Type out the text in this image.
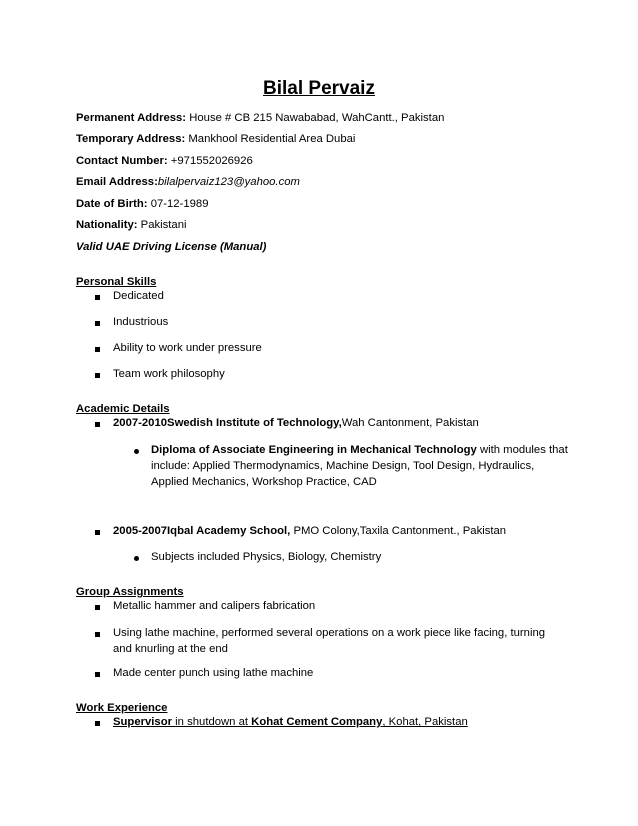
Bilal Pervaiz
Permanent Address: House # CB 215 Nawababad, WahCantt., Pakistan
Temporary Address: Mankhool Residential Area Dubai
Contact Number: +971552026926
Email Address:bilalpervaiz123@yahoo.com
Date of Birth: 07-12-1989
Nationality: Pakistani
Valid UAE Driving License (Manual)
Personal Skills
Dedicated
Industrious
Ability to work under pressure
Team work philosophy
Academic Details
2007-2010Swedish Institute of Technology,Wah Cantonment, Pakistan
Diploma of Associate Engineering in Mechanical Technology with modules that
include: Applied Thermodynamics, Machine Design, Tool Design, Hydraulics,
Applied Mechanics, Workshop Practice, CAD
2005-2007Iqbal Academy School, PMO Colony,Taxila Cantonment., Pakistan
Subjects included Physics, Biology, Chemistry
Group Assignments
Metallic hammer and calipers fabrication
Using lathe machine, performed several operations on a work piece like facing, turning
and knurling at the end
Made center punch using lathe machine
Work Experience
Supervisor in shutdown at Kohat Cement Company, Kohat, Pakistan
